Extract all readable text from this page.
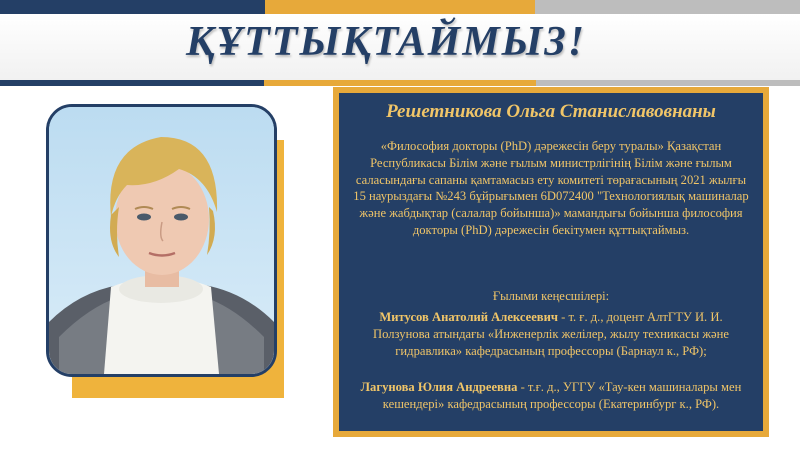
ҚҰТТЫҚТАЙМЫЗ!
Решетникова Ольга Станиславовнаны
«Философия докторы (PhD) дәрежесін беру туралы» Қазақстан Республикасы Білім және ғылым министрлігінің Білім және ғылым саласындағы сапаны қамтамасыз ету комитеті төрағасының 2021 жылғы 15 наурыздағы №243 бұйрығымен 6D072400 "Технологиялық машиналар және жабдықтар (салалар бойынша)» мамандығы бойынша философия докторы (PhD) дәрежесін бекітумен құттықтаймыз.
Ғылыми кеңесшілері:
Митусов Анатолий Алексеевич - т. ғ. д., доцент АлтГТУ И. И. Ползунова атындағы «Инженерлік желілер, жылу техникасы және гидравлика» кафедрасының профессоры (Барнаул к., РФ);
Лагунова Юлия Андреевна - т.ғ. д., УГГУ «Тау-кен машиналары мен кешендері» кафедрасының профессоры (Екатеринбург к., РФ).
